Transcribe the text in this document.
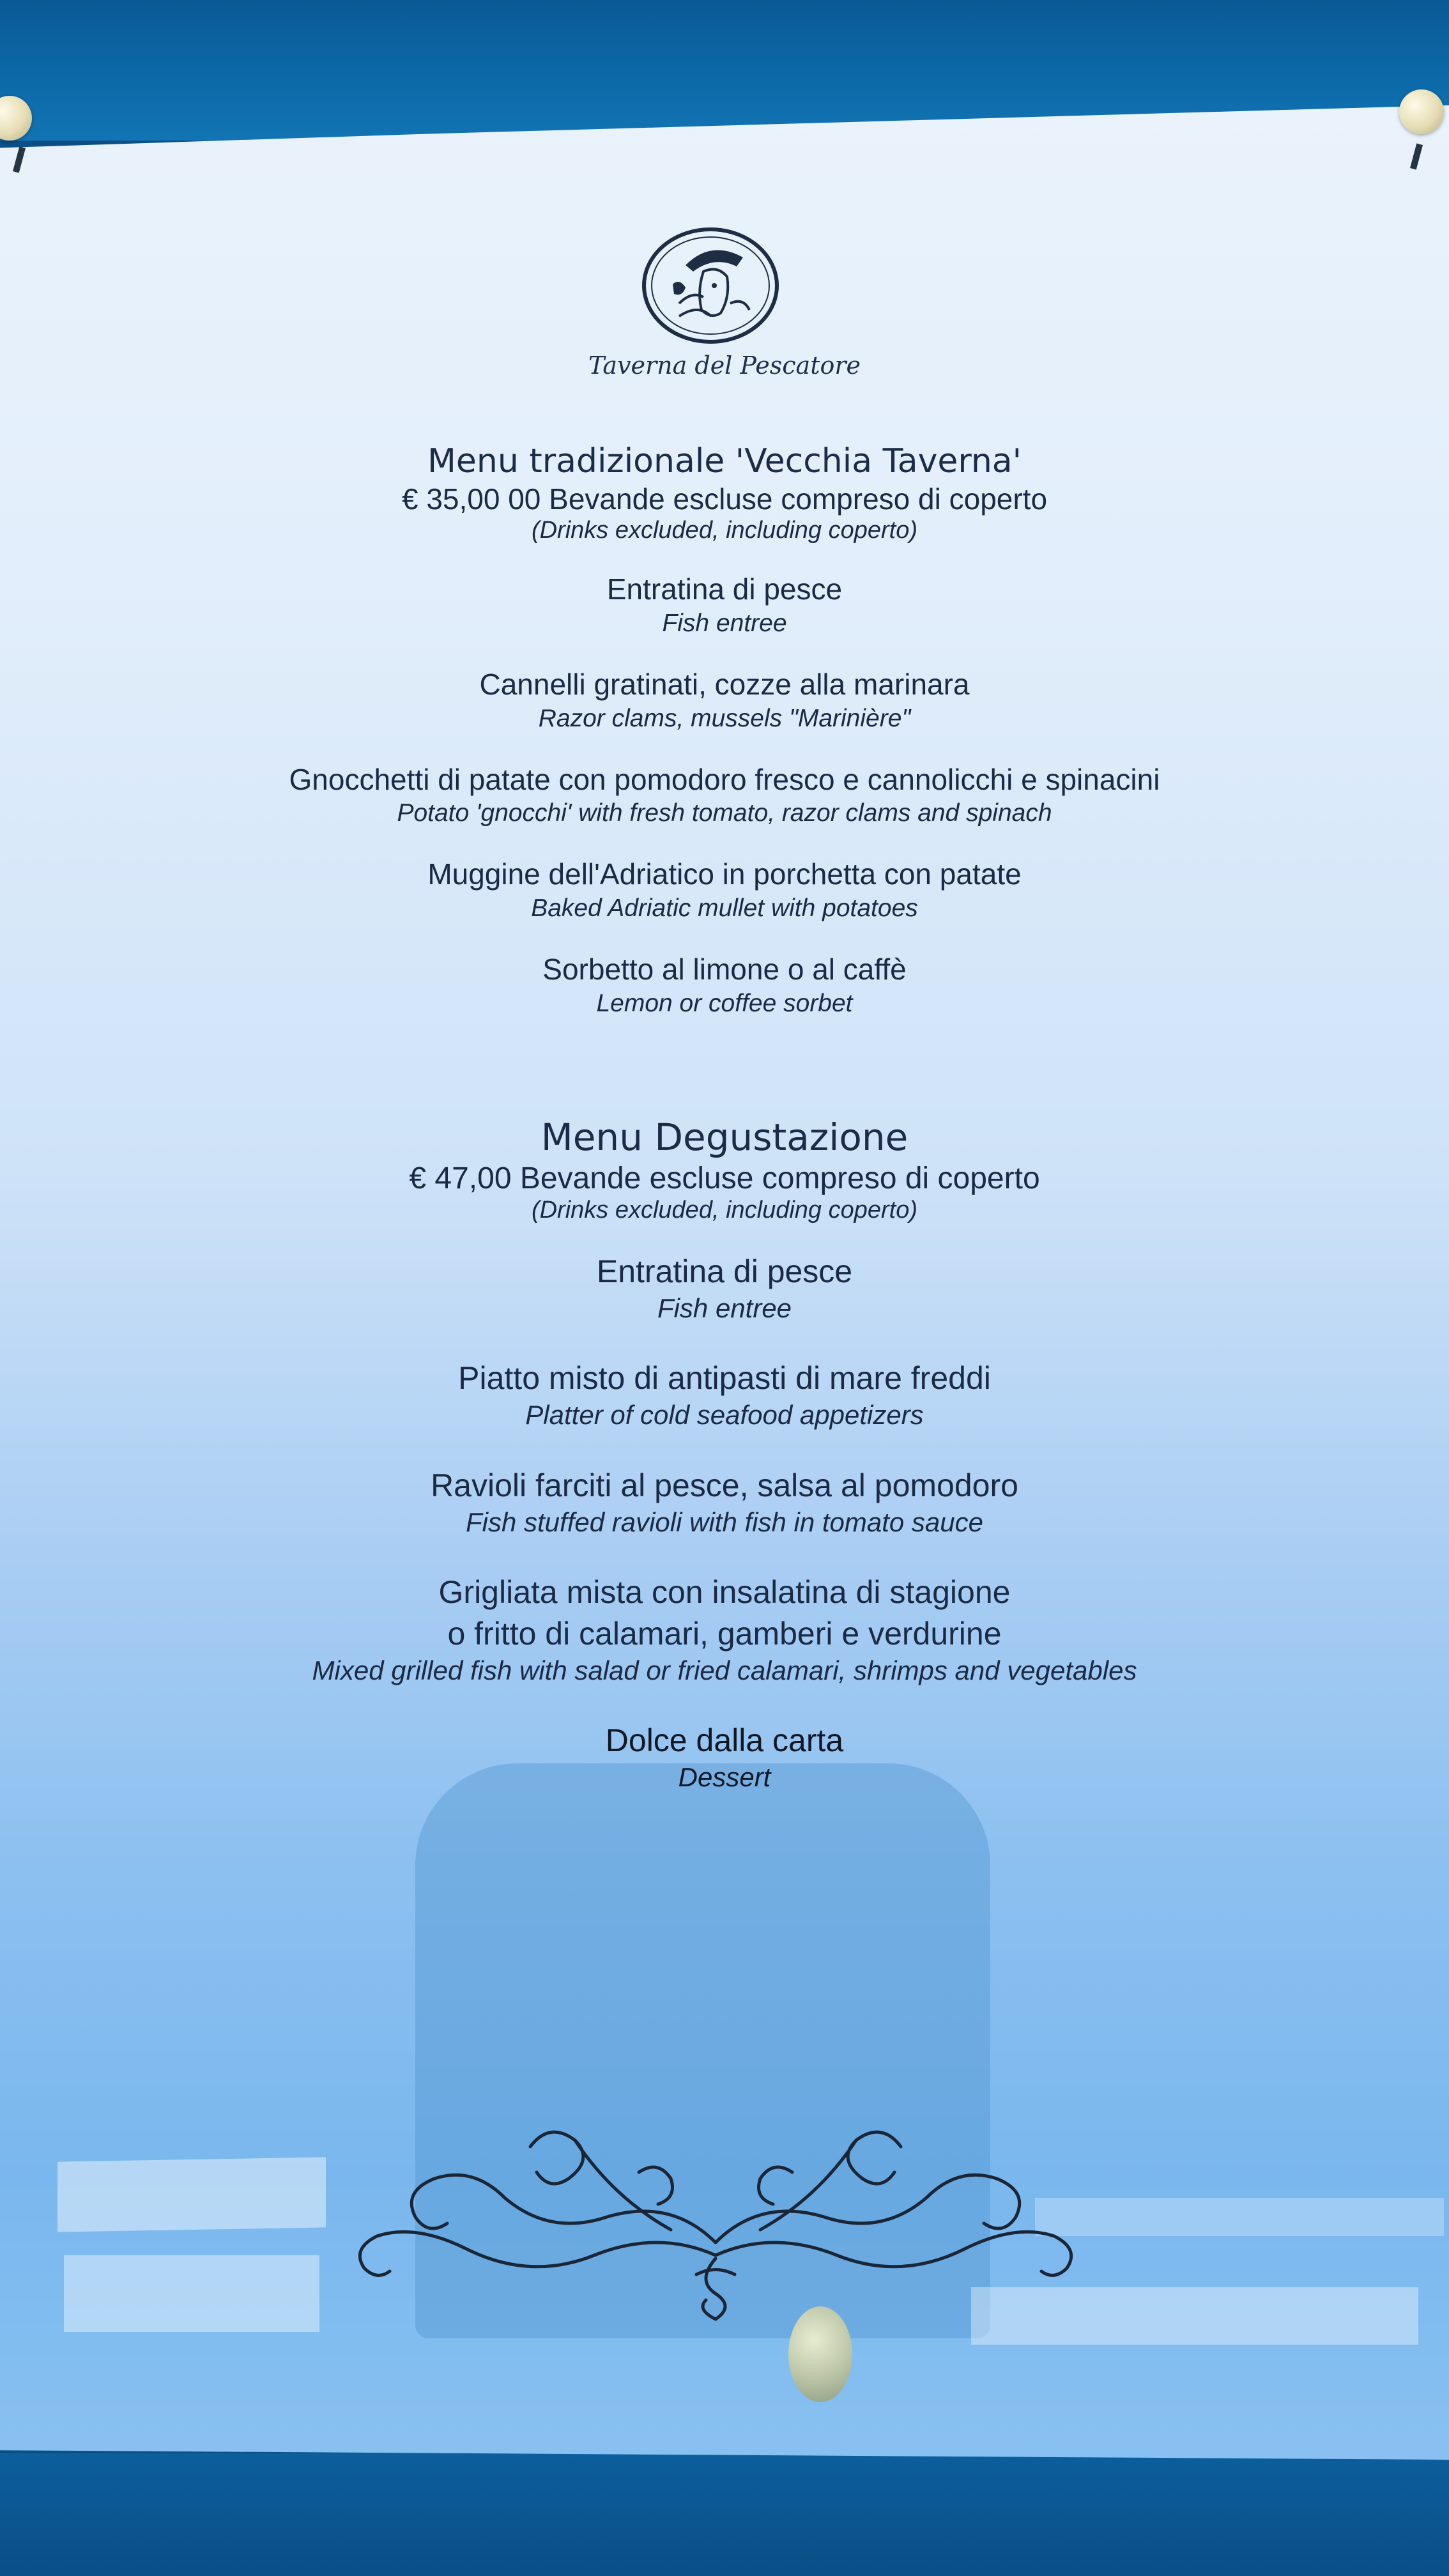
Taverna del Pescatore
Menu tradizionale 'Vecchia Taverna'

€ 35,00 00 Bevande escluse compreso di coperto

(Drinks excluded, including coperto)

Entratina di pesce

Fish entree

Cannelli gratinati, cozze alla marinara

Razor clams, mussels "Marinière"

Gnocchetti di patate con pomodoro fresco e cannolicchi e spinacini

Potato 'gnocchi' with fresh tomato, razor clams and spinach

Muggine dell'Adriatico in porchetta con patate

Baked Adriatic mullet with potatoes

Sorbetto al limone o al caffè

Lemon or coffee sorbet

Menu Degustazione

€ 47,00 Bevande escluse compreso di coperto

(Drinks excluded, including coperto)

Entratina di pesce

Fish entree

Piatto misto di antipasti di mare freddi

Platter of cold seafood appetizers

Ravioli farciti al pesce, salsa al pomodoro

Fish stuffed ravioli with fish in tomato sauce

Grigliata mista con insalatina di stagione

o fritto di calamari, gamberi e verdurine

Mixed grilled fish with salad or fried calamari, shrimps and vegetables

Dolce dalla carta

Dessert
